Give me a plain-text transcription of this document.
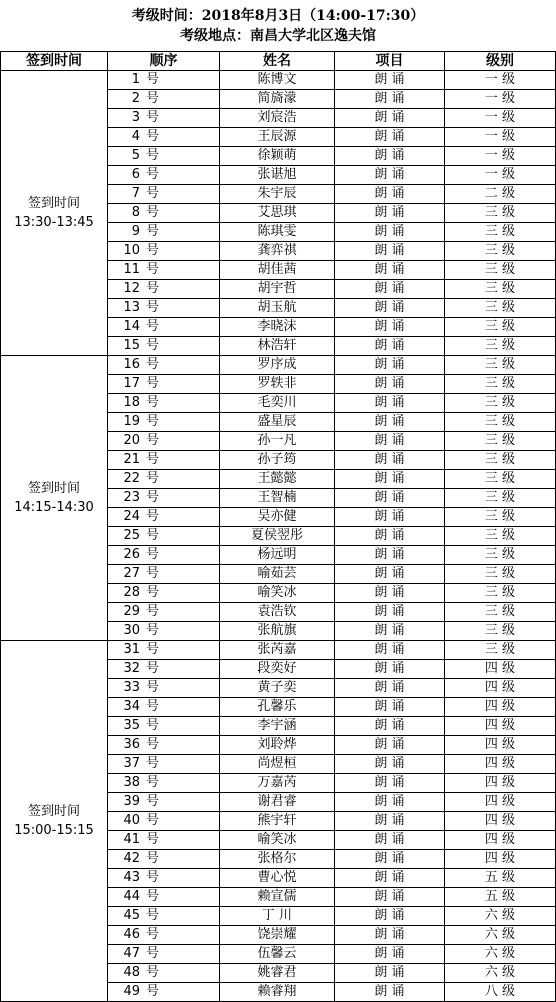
考级时间：2018年8月3日（14:00-17:30）
考级地点：南昌大学北区逸夫馆
签到时间	顺序	姓名	项目	级别

签到时间
13:30-13:45	1 号	陈博文	朗 诵	一 级
	2 号	简旖濛	朗 诵	一 级
	3 号	刘宸浩	朗 诵	一 级
	4 号	王辰源	朗 诵	一 级
	5 号	徐颖萌	朗 诵	一 级
	6 号	张谌旭	朗 诵	一 级
	7 号	朱宇辰	朗 诵	二 级
	8 号	艾思琪	朗 诵	三 级
	9 号	陈琪雯	朗 诵	三 级
	10 号	龚弈祺	朗 诵	三 级
	11 号	胡佳茜	朗 诵	三 级
	12 号	胡宇哲	朗 诵	三 级
	13 号	胡玉航	朗 诵	三 级
	14 号	李晓沫	朗 诵	三 级
	15 号	林浩轩	朗 诵	三 级

签到时间
14:15-14:30	16 号	罗序成	朗 诵	三 级
	17 号	罗轶非	朗 诵	三 级
	18 号	毛奕川	朗 诵	三 级
	19 号	盛星辰	朗 诵	三 级
	20 号	孙一凡	朗 诵	三 级
	21 号	孙子筠	朗 诵	三 级
	22 号	王懿懿	朗 诵	三 级
	23 号	王智楠	朗 诵	三 级
	24 号	吴亦健	朗 诵	三 级
	25 号	夏侯翌彤	朗 诵	三 级
	26 号	杨远明	朗 诵	三 级
	27 号	喻茹芸	朗 诵	三 级
	28 号	喻笑冰	朗 诵	三 级
	29 号	袁浩钦	朗 诵	三 级
	30 号	张航旗	朗 诵	三 级

签到时间
15:00-15:15	31 号	张芮嘉	朗 诵	三 级
	32 号	段奕好	朗 诵	四 级
	33 号	黄子奕	朗 诵	四 级
	34 号	孔馨乐	朗 诵	四 级
	35 号	李宇涵	朗 诵	四 级
	36 号	刘聆烨	朗 诵	四 级
	37 号	尚煜桓	朗 诵	四 级
	38 号	万嘉芮	朗 诵	四 级
	39 号	谢君睿	朗 诵	四 级
	40 号	熊宇轩	朗 诵	四 级
	41 号	喻笑冰	朗 诵	四 级
	42 号	张格尔	朗 诵	四 级
	43 号	曹心悦	朗 诵	五 级
	44 号	赖宣儒	朗 诵	五 级
	45 号	丁 川	朗 诵	六 级
	46 号	饶崇耀	朗 诵	六 级
	47 号	伍馨云	朗 诵	六 级
	48 号	姚睿君	朗 诵	六 级
	49 号	赖睿翔	朗 诵	八 级
